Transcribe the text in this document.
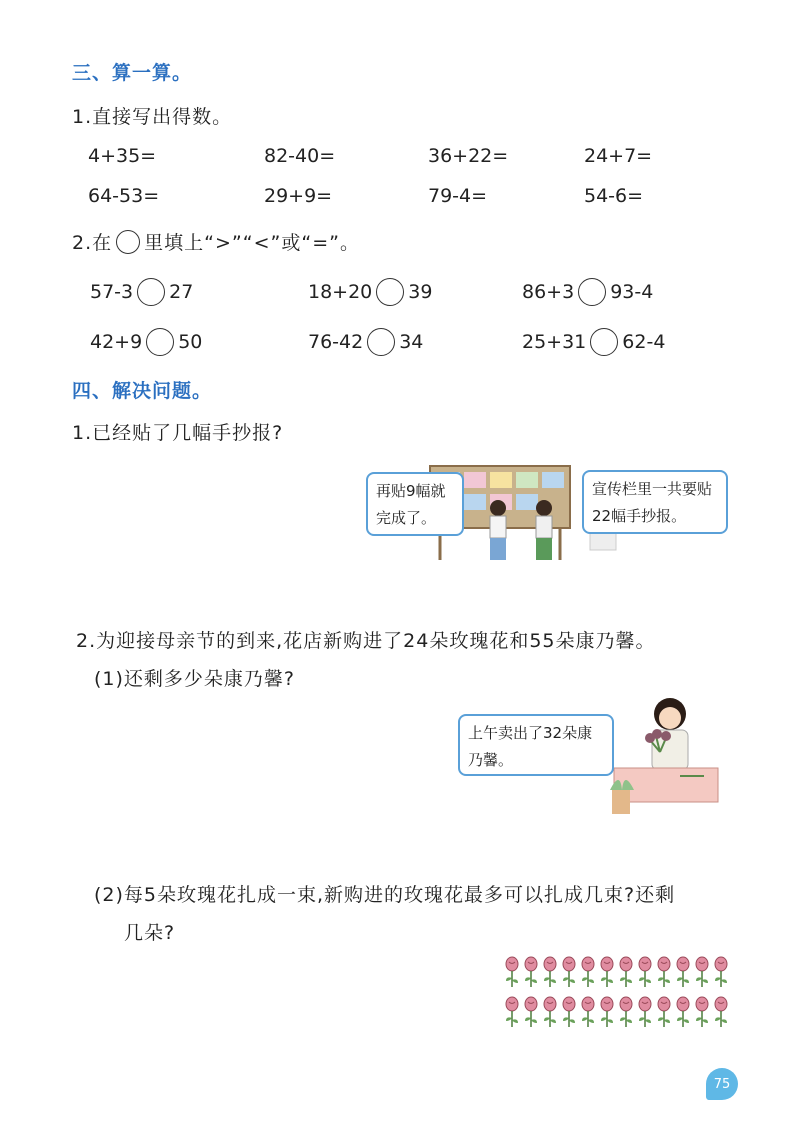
三、算一算。
1.直接写出得数。
4+35=	82-40=	36+22=	24+7=
64-53=	29+9=	79-4=	54-6=
2.在 里填上“>”“<”或“=”。
57-3 27	18+20 39	86+3 93-4
42+9 50	76-42 34	25+31 62-4
四、解决问题。
1.已经贴了几幅手抄报?
再贴9幅就完成了。
宣传栏里一共要贴22幅手抄报。
2.为迎接母亲节的到来,花店新购进了24朵玫瑰花和55朵康乃馨。
(1)还剩多少朵康乃馨?
上午卖出了32朵康乃馨。
(2)每5朵玫瑰花扎成一束,新购进的玫瑰花最多可以扎成几束?还剩
几朵?
75
